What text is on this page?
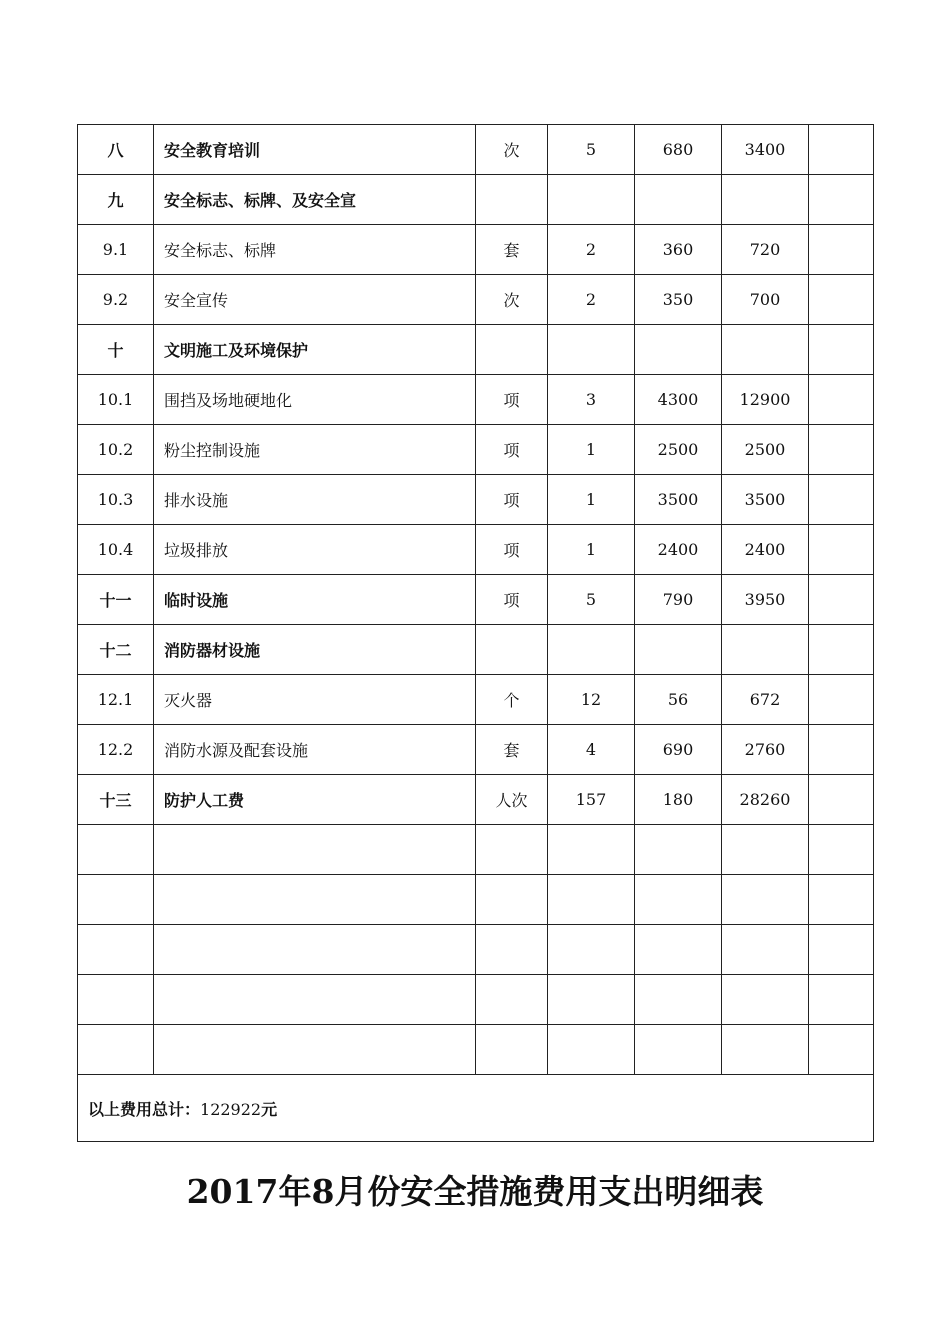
八	安全教育培训	次	5	680	3400	
九	安全标志、标牌、及安全宣					
9.1	安全标志、标牌	套	2	360	720	
9.2	安全宣传	次	2	350	700	
十	文明施工及环境保护					
10.1	围挡及场地硬地化	项	3	4300	12900	
10.2	粉尘控制设施	项	1	2500	2500	
10.3	排水设施	项	1	3500	3500	
10.4	垃圾排放	项	1	2400	2400	
十一	临时设施	项	5	790	3950	
十二	消防器材设施					
12.1	灭火器	个	12	56	672	
12.2	消防水源及配套设施	套	4	690	2760	
十三	防护人工费	人次	157	180	28260	

以上费用总计：122922元						
2017年8月份安全措施费用支出明细表
